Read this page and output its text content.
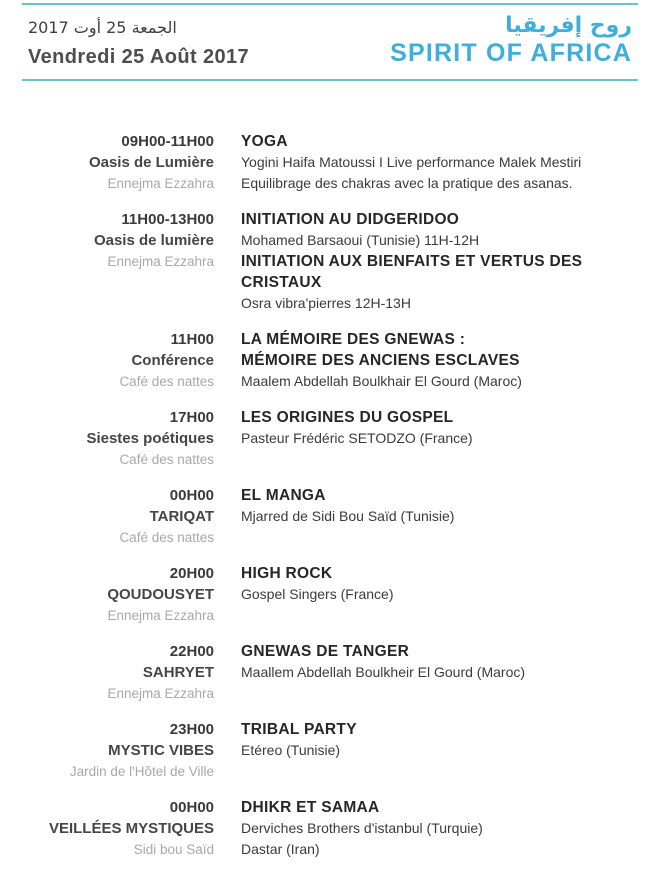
الجمعة 25 أوت 2017
Vendredi 25 Août 2017
روح إفريقيا
SPIRIT OF AFRICA
09H00-11H00
Oasis de Lumière
Ennejma Ezzahra
YOGA
Yogini Haifa Matoussi I Live performance Malek Mestiri
Equilibrage des chakras avec la pratique des asanas.
11H00-13H00
Oasis de lumière
Ennejma Ezzahra
INITIATION AU DIDGERIDOO
Mohamed Barsaoui (Tunisie) 11H-12H
INITIATION AUX BIENFAITS ET VERTUS DES CRISTAUX
Osra vibra'pierres 12H-13H
11H00
Conférence
Café des nattes
LA MÉMOIRE DES GNEWAS :
MÉMOIRE DES ANCIENS ESCLAVES
Maalem Abdellah Boulkhair El Gourd (Maroc)
17H00
Siestes poétiques
Café des nattes
LES ORIGINES DU GOSPEL
Pasteur Frédéric SETODZO (France)
00H00
TARIQAT
Café des nattes
EL MANGA
Mjarred de Sidi Bou Saïd (Tunisie)
20H00
QOUDOUSYET
Ennejma Ezzahra
HIGH ROCK
Gospel Singers (France)
22H00
SAHRYET
Ennejma Ezzahra
GNEWAS DE TANGER
Maallem Abdellah Boulkheir El Gourd (Maroc)
23H00
MYSTIC VIBES
Jardin de l'Hôtel de Ville
TRIBAL PARTY
Etéreo (Tunisie)
00H00
VEILLÉES MYSTIQUES
Sidi bou Saïd
DHIKR ET SAMAA
Derviches Brothers d'istanbul (Turquie)
Dastar (Iran)
